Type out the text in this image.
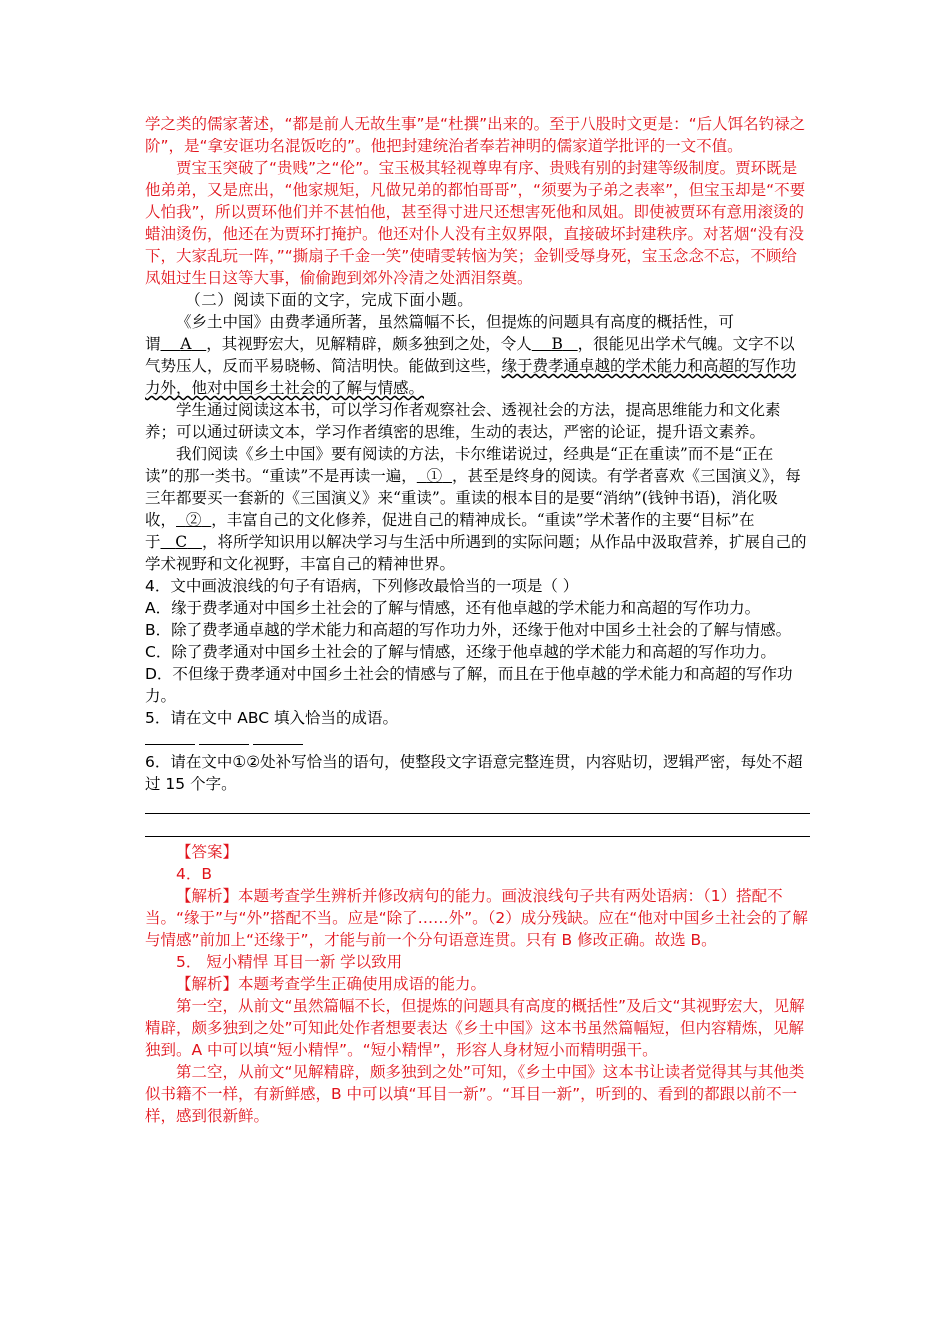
学之类的儒家著述，“都是前人无故生事”是“杜撰”出来的。至于八股时文更是：“后人饵名钓禄之阶”，是“拿安诓功名混饭吃的”。他把封建统治者奉若神明的儒家道学批评的一文不值。

贾宝玉突破了“贵贱”之“伦”。宝玉极其轻视尊卑有序、贵贱有别的封建等级制度。贾环既是他弟弟，又是庶出，“他家规矩，凡做兄弟的都怕哥哥”，“须要为子弟之表率”，但宝玉却是“不要人怕我”，所以贾环他们并不甚怕他，甚至得寸进尺还想害死他和凤姐。即使被贾环有意用滚烫的蜡油烫伤，他还在为贾环打掩护。他还对仆人没有主奴界限，直接破坏封建秩序。对茗烟“没有没下，大家乱玩一阵，”“撕扇子千金一笑”使晴雯转恼为笑；金钏受辱身死，宝玉念念不忘，不顾给凤姐过生日这等大事，偷偷跑到郊外冷清之处洒泪祭奠。

（二）阅读下面的文字，完成下面小题。

《乡土中国》由费孝通所著，虽然篇幅不长，但提炼的问题具有高度的概括性，可谓 A ，其视野宏大，见解精辟，颇多独到之处，令人 B ，很能见出学术气魄。文字不以气势压人，反而平易晓畅、简洁明快。能做到这些，缘于费孝通卓越的学术能力和高超的写作功力外，他对中国乡土社会的了解与情感。

学生通过阅读这本书，可以学习作者观察社会、透视社会的方法，提高思维能力和文化素养；可以通过研读文本，学习作者缜密的思维，生动的表达，严密的论证，提升语文素养。

我们阅读《乡土中国》要有阅读的方法，卡尔维诺说过，经典是“正在重读”而不是“正在读”的那一类书。“重读”不是再读一遍， ① ，甚至是终身的阅读。有学者喜欢《三国演义》，每三年都要买一套新的《三国演义》来“重读”。重读的根本目的是要“消纳”(钱钟书语)，消化吸收， ② ，丰富自己的文化修养，促进自己的精神成长。“重读”学术著作的主要“目标”在于 C ，将所学知识用以解决学习与生活中所遇到的实际问题；从作品中汲取营养，扩展自己的学术视野和文化视野，丰富自己的精神世界。

4．文中画波浪线的句子有语病，下列修改最恰当的一项是（ ）

A．缘于费孝通对中国乡土社会的了解与情感，还有他卓越的学术能力和高超的写作功力。

B．除了费孝通卓越的学术能力和高超的写作功力外，还缘于他对中国乡土社会的了解与情感。

C．除了费孝通对中国乡土社会的了解与情感，还缘于他卓越的学术能力和高超的写作功力。

D．不但缘于费孝通对中国乡土社会的情感与了解，而且在于他卓越的学术能力和高超的写作功力。

5．请在文中 ABC 填入恰当的成语。

6．请在文中①②处补写恰当的语句，使整段文字语意完整连贯，内容贴切，逻辑严密，每处不超过 15 个字。

【答案】

4．B

【解析】本题考查学生辨析并修改病句的能力。画波浪线句子共有两处语病：（1）搭配不当。“缘于”与“外”搭配不当。应是“除了……外”。（2）成分残缺。应在“他对中国乡土社会的了解与情感”前加上“还缘于”，才能与前一个分句语意连贯。只有 B 修改正确。故选 B。

5． 短小精悍 耳目一新 学以致用

【解析】本题考查学生正确使用成语的能力。

第一空，从前文“虽然篇幅不长，但提炼的问题具有高度的概括性”及后文“其视野宏大，见解精辟，颇多独到之处”可知此处作者想要表达《乡土中国》这本书虽然篇幅短，但内容精炼，见解独到。A 中可以填“短小精悍”。“短小精悍”，形容人身材短小而精明强干。

第二空，从前文“见解精辟，颇多独到之处”可知，《乡土中国》这本书让读者觉得其与其他类似书籍不一样，有新鲜感，B 中可以填“耳目一新”。“耳目一新”，听到的、看到的都跟以前不一样，感到很新鲜。
